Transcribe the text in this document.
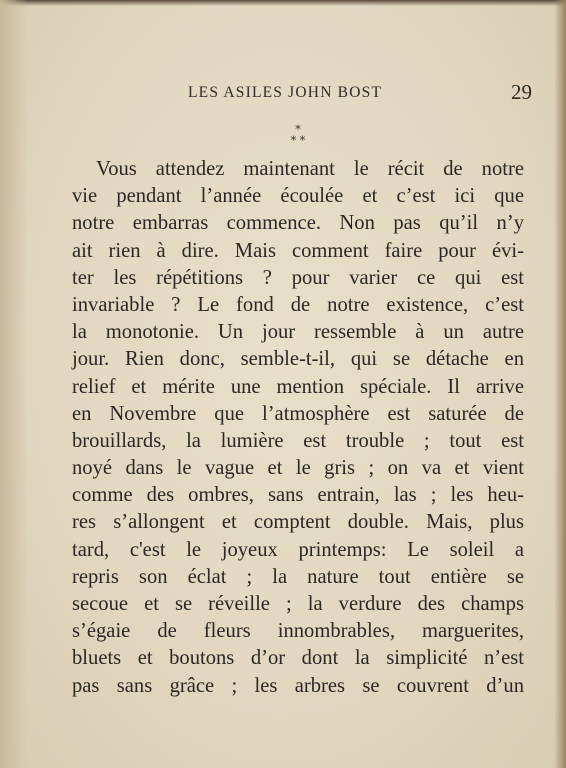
LES ASILES JOHN BOST	29
*
* *
Vous attendez maintenant le récit de notre
vie pendant l’année écoulée et c’est ici que
notre embarras commence. Non pas qu’il n’y
ait rien à dire. Mais comment faire pour évi-
ter les répétitions ? pour varier ce qui est
invariable ? Le fond de notre existence, c’est
la monotonie. Un jour ressemble à un autre
jour. Rien donc, semble-t-il, qui se détache en
relief et mérite une mention spéciale. Il arrive
en Novembre que l’atmosphère est saturée de
brouillards, la lumière est trouble ; tout est
noyé dans le vague et le gris ; on va et vient
comme des ombres, sans entrain, las ; les heu-
res s’allongent et comptent double. Mais, plus
tard, c'est le joyeux printemps: Le soleil a
repris son éclat ; la nature tout entière se
secoue et se réveille ; la verdure des champs
s’égaie de fleurs innombrables, marguerites,
bluets et boutons d’or dont la simplicité n’est
pas sans grâce ; les arbres se couvrent d’un
